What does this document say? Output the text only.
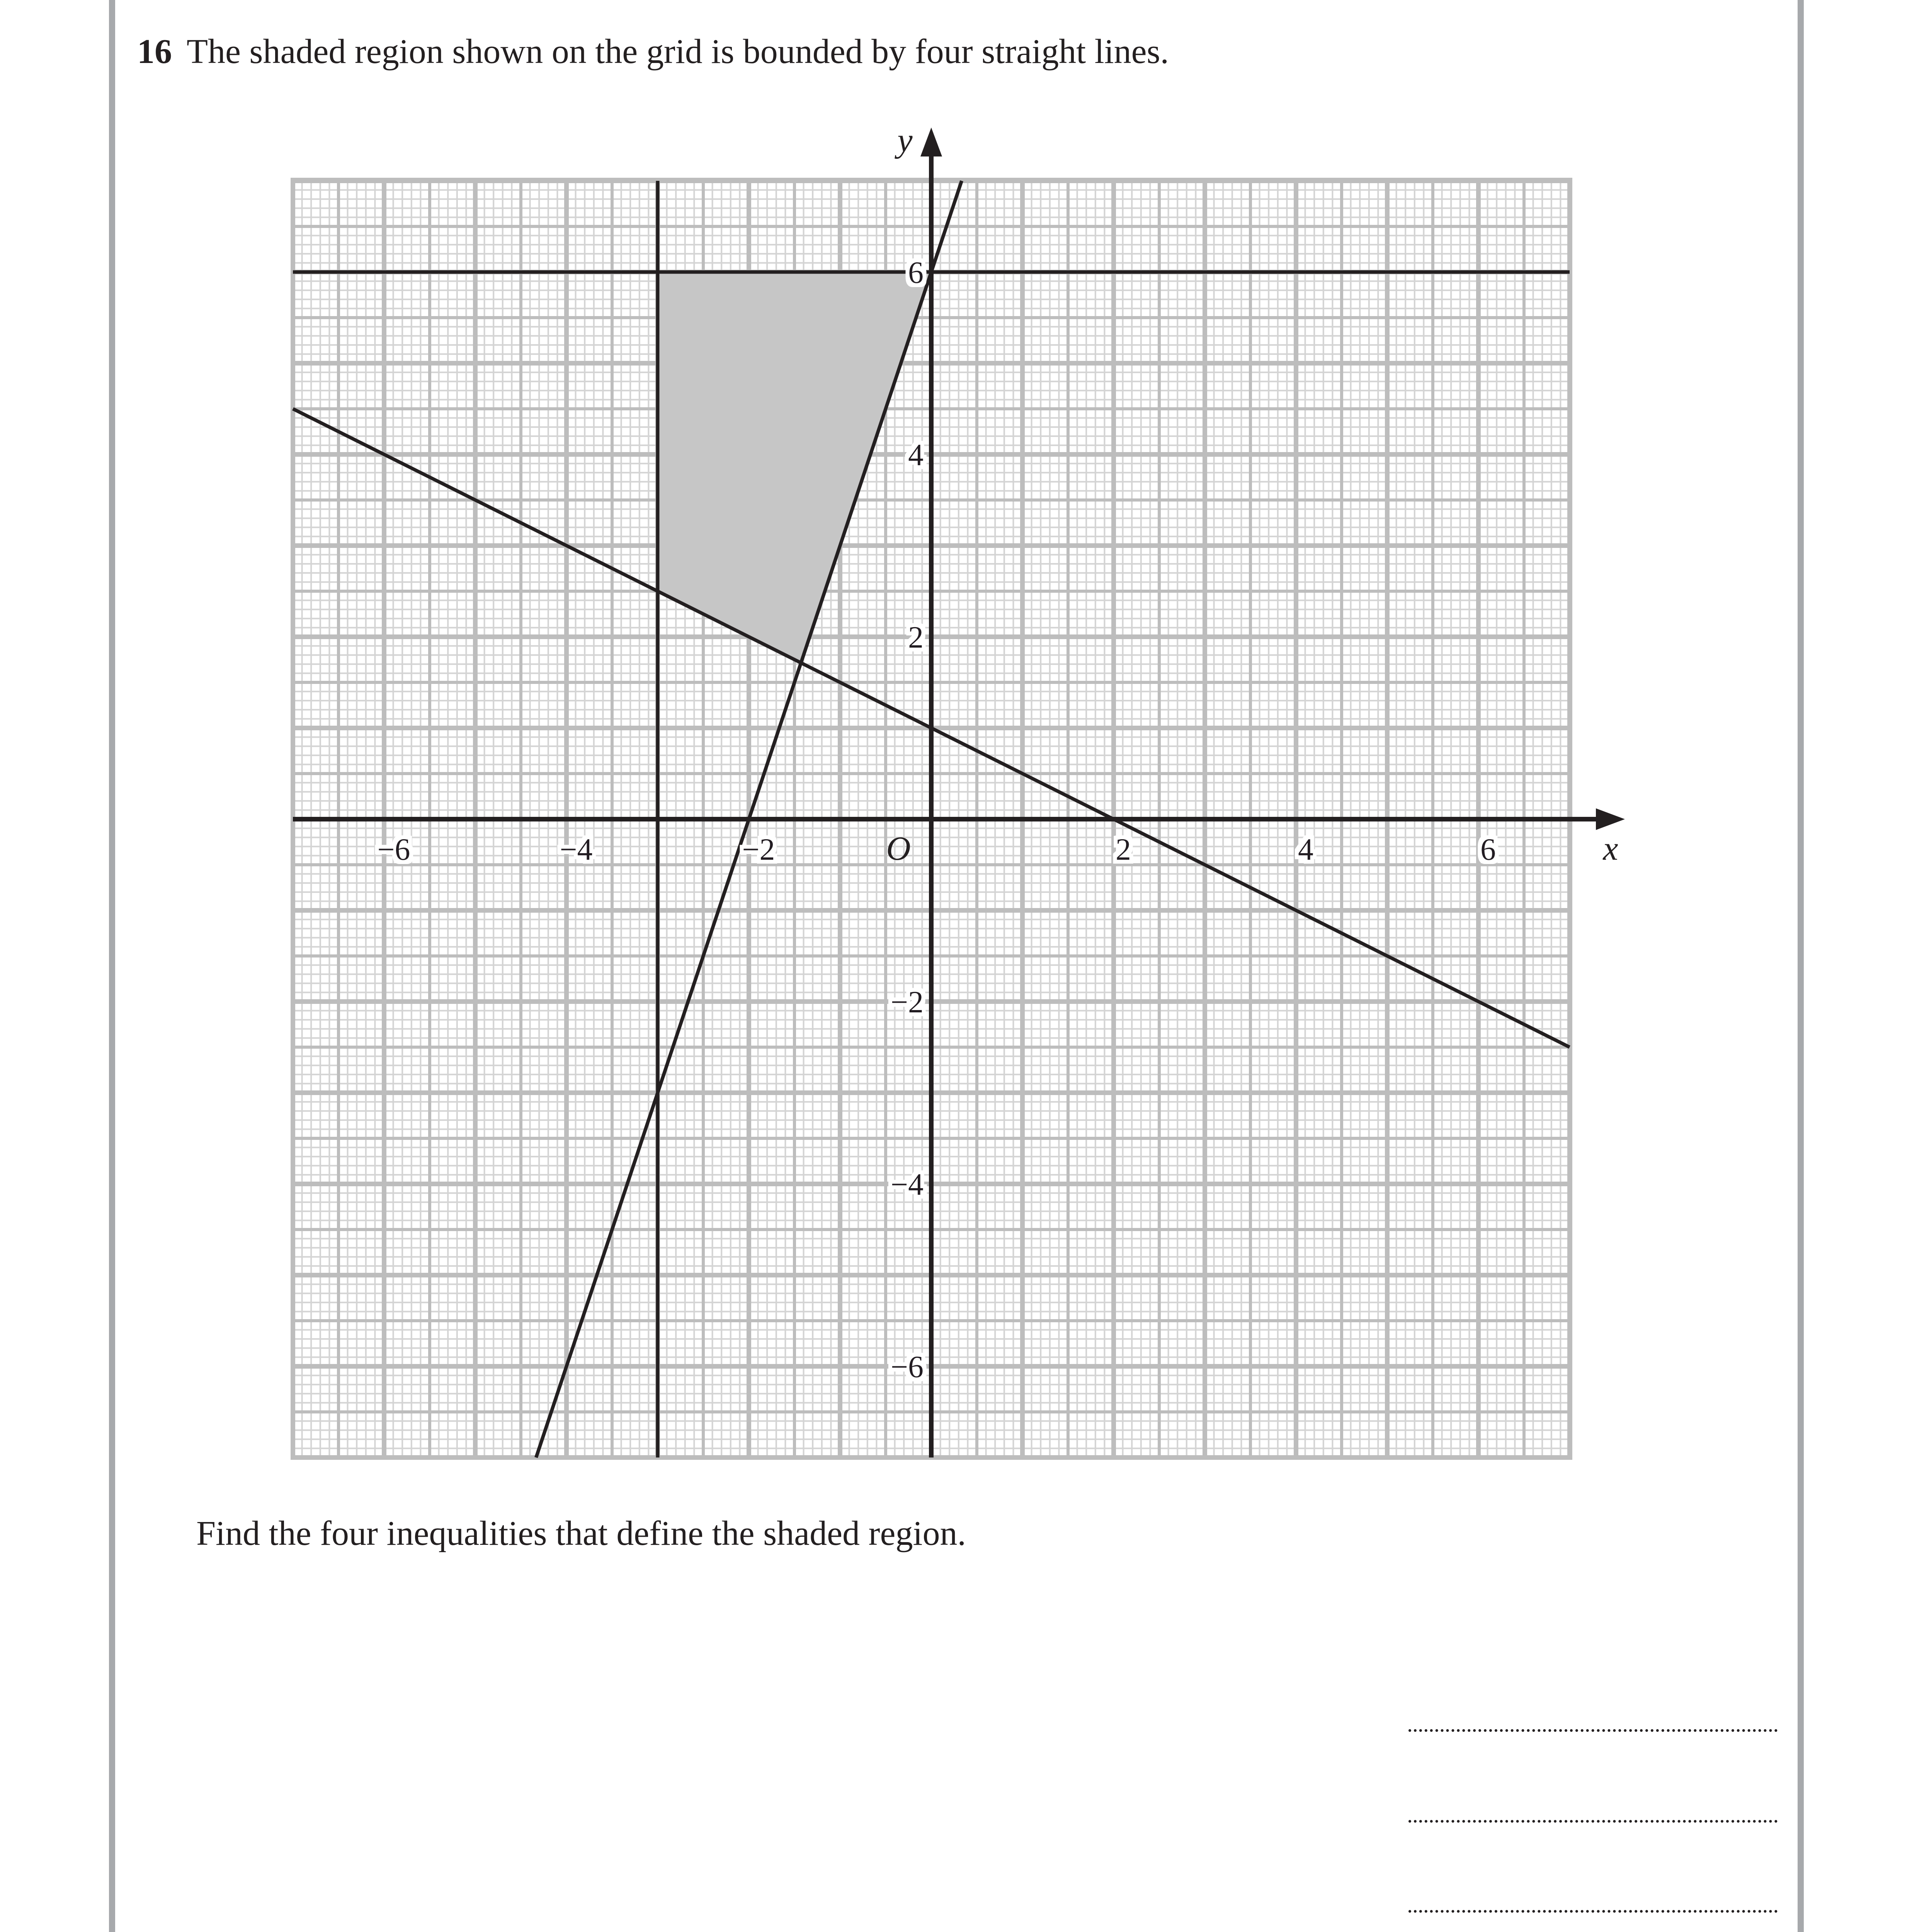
16 The shaded region shown on the grid is bounded by four straight lines.
−6	−4	−2	2	4	6
6
4
2
−2
−4
−6
O	x
y
Find the four inequalities that define the shaded region.
